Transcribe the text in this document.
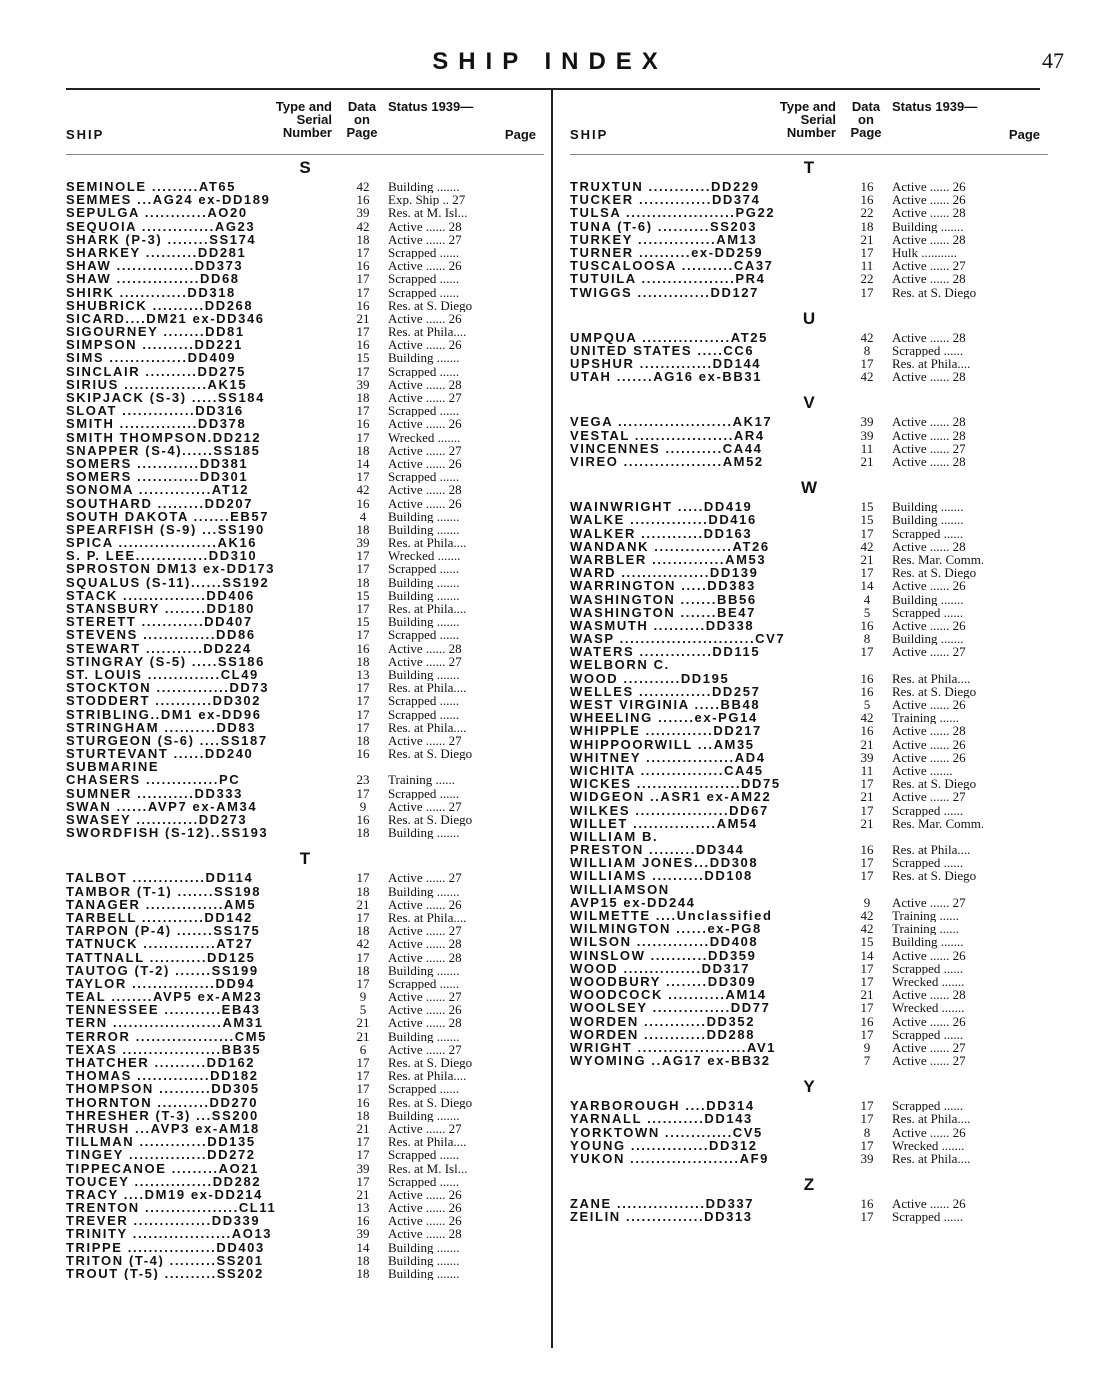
SHIP INDEX	47
SHIP
Type and Serial Number
Data on Page
Status 1939—
Page
S
SEMINOLE .........AT65	42	Building .......
SEMMES ...AG24 ex-DD189	16	Exp. Ship .. 27
SEPULGA ............AO20	39	Res. at M. Isl...
SEQUOIA ..............AG23	42	Active ...... 28
SHARK (P-3) ........SS174	18	Active ...... 27
SHARKEY ..........DD281	17	Scrapped ......
SHAW ...............DD373	16	Active ...... 26
SHAW ................DD68	17	Scrapped ......
SHIRK .............DD318	17	Scrapped ......
SHUBRICK ..........DD268	16	Res. at S. Diego
SICARD....DM21 ex-DD346	21	Active ...... 26
SIGOURNEY ........DD81	17	Res. at Phila....
SIMPSON ..........DD221	16	Active ...... 26
SIMS ...............DD409	15	Building .......
SINCLAIR ..........DD275	17	Scrapped ......
SIRIUS ................AK15	39	Active ...... 28
SKIPJACK (S-3) .....SS184	18	Active ...... 27
SLOAT ..............DD316	17	Scrapped ......
SMITH ...............DD378	16	Active ...... 26
SMITH THOMPSON.DD212	17	Wrecked .......
SNAPPER (S-4)......SS185	18	Active ...... 27
SOMERS ............DD381	14	Active ...... 26
SOMERS ............DD301	17	Scrapped ......
SONOMA ..............AT12	42	Active ...... 28
SOUTHARD .........DD207	16	Active ...... 26
SOUTH DAKOTA .......EB57	4	Building .......
SPEARFISH (S-9) ...SS190	18	Building .......
SPICA ...................AK16	39	Res. at Phila....
S. P. LEE..............DD310	17	Wrecked .......
SPROSTON DM13 ex-DD173	17	Scrapped ......
SQUALUS (S-11)......SS192	18	Building .......
STACK ................DD406	15	Building .......
STANSBURY ........DD180	17	Res. at Phila....
STERETT ............DD407	15	Building .......
STEVENS ..............DD86	17	Scrapped ......
STEWART ...........DD224	16	Active ...... 28
STINGRAY (S-5) .....SS186	18	Active ...... 27
ST. LOUIS ..............CL49	13	Building .......
STOCKTON ..............DD73	17	Res. at Phila....
STODDERT ...........DD302	17	Scrapped ......
STRIBLING..DM1 ex-DD96	17	Scrapped ......
STRINGHAM ..........DD83	17	Res. at Phila....
STURGEON (S-6) ....SS187	18	Active ...... 27
STURTEVANT ......DD240	16	Res. at S. Diego
SUBMARINE
CHASERS ..............PC	23	Training ......
SUMNER ...........DD333	17	Scrapped ......
SWAN ......AVP7 ex-AM34	9	Active ...... 27
SWASEY ............DD273	16	Res. at S. Diego
SWORDFISH (S-12)..SS193	18	Building .......
T
TALBOT ..............DD114	17	Active ...... 27
TAMBOR (T-1) .......SS198	18	Building .......
TANAGER ...............AM5	21	Active ...... 26
TARBELL ............DD142	17	Res. at Phila....
TARPON (P-4) .......SS175	18	Active ...... 27
TATNUCK ..............AT27	42	Active ...... 28
TATTNALL ...........DD125	17	Active ...... 28
TAUTOG (T-2) .......SS199	18	Building .......
TAYLOR ................DD94	17	Scrapped ......
TEAL ........AVP5 ex-AM23	9	Active ...... 27
TENNESSEE ...........EB43	5	Active ...... 26
TERN .....................AM31	21	Active ...... 28
TERROR ...................CM5	21	Building .......
TEXAS ...................BB35	6	Active ...... 27
THATCHER ..........DD162	17	Res. at S. Diego
THOMAS ..............DD182	17	Res. at Phila....
THOMPSON ..........DD305	17	Scrapped ......
THORNTON ..........DD270	16	Res. at S. Diego
THRESHER (T-3) ...SS200	18	Building .......
THRUSH ...AVP3 ex-AM18	21	Active ...... 27
TILLMAN .............DD135	17	Res. at Phila....
TINGEY ...............DD272	17	Scrapped ......
TIPPECANOE .........AO21	39	Res. at M. Isl...
TOUCEY ...............DD282	17	Scrapped ......
TRACY ....DM19 ex-DD214	21	Active ...... 26
TRENTON ..................CL11	13	Active ...... 26
TREVER ...............DD339	16	Active ...... 26
TRINITY ...................AO13	39	Active ...... 28
TRIPPE .................DD403	14	Building .......
TRITON (T-4) .........SS201	18	Building .......
TROUT (T-5) ..........SS202	18	Building .......
SHIP
Type and Serial Number
Data on Page
Status 1939—
Page
T
TRUXTUN ............DD229	16	Active ...... 26
TUCKER ..............DD374	16	Active ...... 26
TULSA .....................PG22	22	Active ...... 28
TUNA (T-6) ..........SS203	18	Building .......
TURKEY ...............AM13	21	Active ...... 28
TURNER ..........ex-DD259	17	Hulk ...........
TUSCALOOSA ..........CA37	11	Active ...... 27
TUTUILA ..................PR4	22	Active ...... 28
TWIGGS ..............DD127	17	Res. at S. Diego
U
UMPQUA .................AT25	42	Active ...... 28
UNITED STATES .....CC6	8	Scrapped ......
UPSHUR ..............DD144	17	Res. at Phila....
UTAH .......AG16 ex-BB31	42	Active ...... 28
V
VEGA ......................AK17	39	Active ...... 28
VESTAL ...................AR4	39	Active ...... 28
VINCENNES ...........CA44	11	Active ...... 27
VIREO ...................AM52	21	Active ...... 28
W
WAINWRIGHT .....DD419	15	Building .......
WALKE ...............DD416	15	Building .......
WALKER ............DD163	17	Scrapped ......
WANDANK ...............AT26	42	Active ...... 28
WARBLER ..............AM53	21	Res. Mar. Comm.
WARD .................DD139	17	Res. at S. Diego
WARRINGTON .....DD383	14	Active ...... 26
WASHINGTON .......BB56	4	Building .......
WASHINGTON .......BE47	5	Scrapped ......
WASMUTH ..........DD338	16	Active ...... 26
WASP ..........................CV7	8	Building .......
WATERS ..............DD115	17	Active ...... 27
WELBORN C.
WOOD ...........DD195	16	Res. at Phila....
WELLES ..............DD257	16	Res. at S. Diego
WEST VIRGINIA .....BB48	5	Active ...... 26
WHEELING .......ex-PG14	42	Training ......
WHIPPLE .............DD217	16	Active ...... 28
WHIPPOORWILL ...AM35	21	Active ...... 26
WHITNEY .................AD4	39	Active ...... 26
WICHITA ................CA45	11	Active .......
WICKES ....................DD75	17	Res. at S. Diego
WIDGEON ..ASR1 ex-AM22	21	Active ...... 27
WILKES ..................DD67	17	Scrapped ......
WILLET ................AM54	21	Res. Mar. Comm.
WILLIAM B.
PRESTON .........DD344	16	Res. at Phila....
WILLIAM JONES...DD308	17	Scrapped ......
WILLIAMS ..........DD108	17	Res. at S. Diego
WILLIAMSON
AVP15 ex-DD244	9	Active ...... 27
WILMETTE ....Unclassified	42	Training ......
WILMINGTON ......ex-PG8	42	Training ......
WILSON ..............DD408	15	Building .......
WINSLOW ...........DD359	14	Active ...... 26
WOOD ...............DD317	17	Scrapped ......
WOODBURY ........DD309	17	Wrecked .......
WOODCOCK ...........AM14	21	Active ...... 28
WOOLSEY ...............DD77	17	Wrecked .......
WORDEN ............DD352	16	Active ...... 26
WORDEN ............DD288	17	Scrapped ......
WRIGHT .....................AV1	9	Active ...... 27
WYOMING ..AG17 ex-BB32	7	Active ...... 27
Y
YARBOROUGH ....DD314	17	Scrapped ......
YARNALL ...........DD143	17	Res. at Phila....
YORKTOWN .............CV5	8	Active ...... 26
YOUNG ...............DD312	17	Wrecked .......
YUKON .....................AF9	39	Res. at Phila....
Z
ZANE .................DD337	16	Active ...... 26
ZEILIN ...............DD313	17	Scrapped ......
